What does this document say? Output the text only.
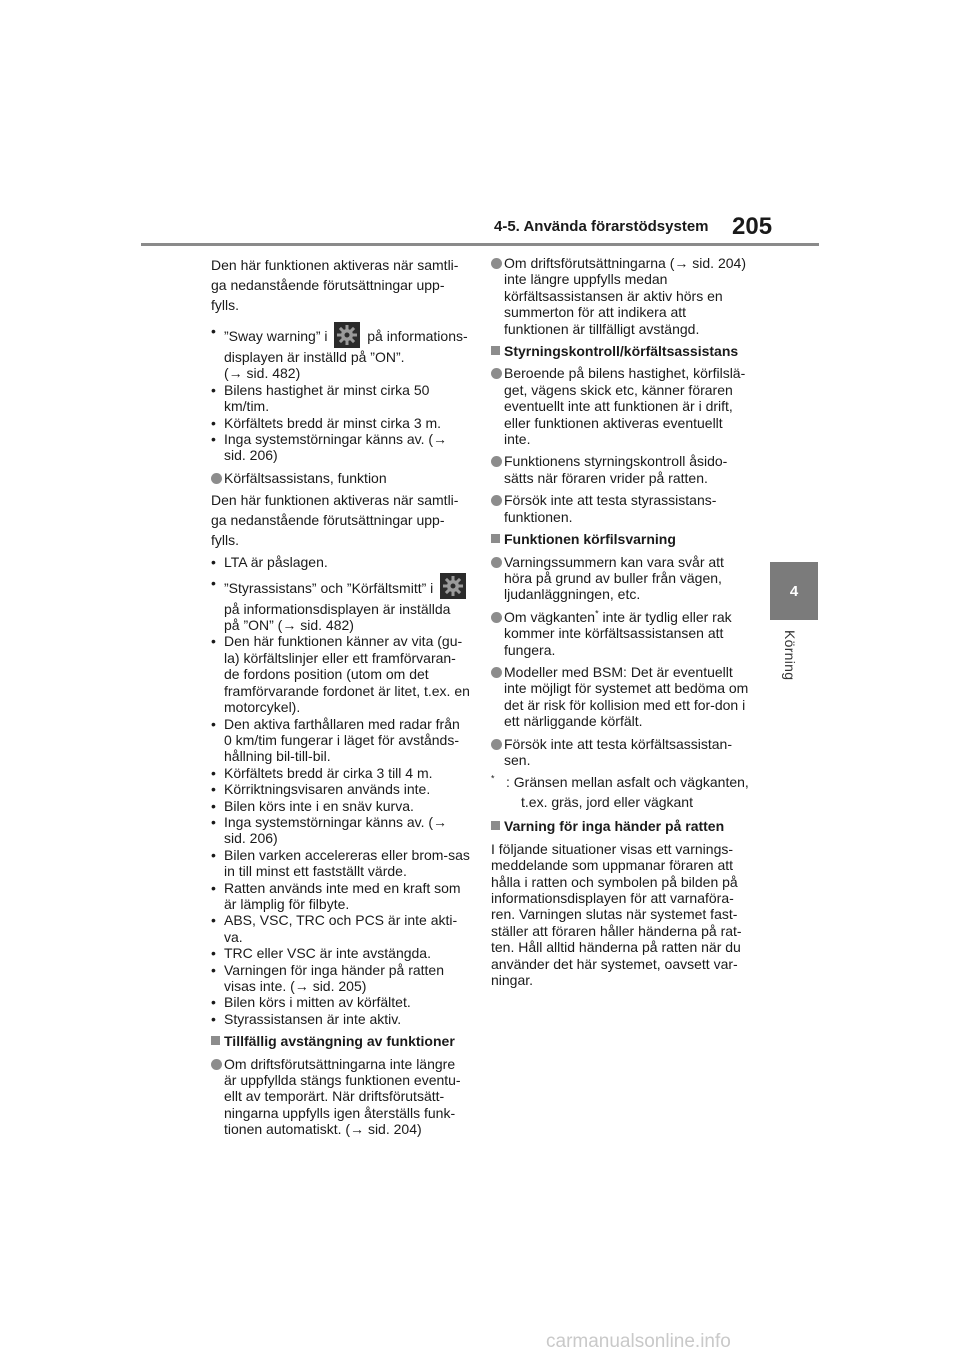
4-5. Använda förarstödsystem 205
4
Körning

Den här funktionen aktiveras när samtli-ga nedanstående förutsättningar upp-fylls.

• ”Sway warning” i	på informations-
displayen är inställd på ”ON”.
(→ sid. 482)
• Bilens hastighet är minst cirka 50 km/tim.
• Körfältets bredd är minst cirka 3 m.
• Inga systemstörningar känns av. (→ sid. 206)
Körfältsassistans, funktion

Den här funktionen aktiveras när samtli-ga nedanstående förutsättningar upp-fylls.

• LTA är påslagen.
• ”Styrassistans” och ”Körfältsmitt” i
på informationsdisplayen är inställda
på ”ON” (→ sid. 482)
• Den här funktionen känner av vita (gu-la) körfältslinjer eller ett framförvaran-de fordons position (utom om det framförvarande fordonet är litet, t.ex. en motorcykel).
• Den aktiva farthållaren med radar från 0 km/tim fungerar i läget för avstånds-hållning bil-till-bil.
• Körfältets bredd är cirka 3 till 4 m.
• Körriktningsvisaren används inte.
• Bilen körs inte i en snäv kurva.
• Inga systemstörningar känns av. (→ sid. 206)
• Bilen varken accelereras eller brom-sas in till minst ett fastställt värde.
• Ratten används inte med en kraft som är lämplig för filbyte.
• ABS, VSC, TRC och PCS är inte akti-va.
• TRC eller VSC är inte avstängda.
• Varningen för inga händer på ratten visas inte. (→ sid. 205)
• Bilen körs i mitten av körfältet.
• Styrassistansen är inte aktiv.
Tillfällig avstängning av funktioner
Om driftsförutsättningarna inte längre är uppfyllda stängs funktionen eventu-ellt av temporärt. När driftsförutsätt-ningarna uppfylls igen återställs funk-tionen automatiskt. (→ sid. 204)
Om driftsförutsättningarna (→ sid. 204) inte längre uppfylls medan körfältsassistansen är aktiv hörs en summerton för att indikera att funktionen är tillfälligt avstängd.
Styrningskontroll/körfältsassistans
Beroende på bilens hastighet, körfilslä-get, vägens skick etc, känner föraren eventuellt inte att funktionen är i drift, eller funktionen aktiveras eventuellt inte.
Funktionens styrningskontroll åsido-sätts när föraren vrider på ratten.
Försök inte att testa styrassistans-funktionen.
Funktionen körfilsvarning
Varningssummern kan vara svår att höra på grund av buller från vägen, ljudanläggningen, etc.
Om vägkanten* inte är tydlig eller rak kommer inte körfältsassistansen att fungera.
Modeller med BSM: Det är eventuellt inte möjligt för systemet att bedöma om det är risk för kollision med ett for-don i ett närliggande körfält.
Försök inte att testa körfältsassistan-sen.
* : Gränsen mellan asfalt och vägkanten,
t.ex. gräs, jord eller vägkant
Varning för inga händer på ratten

I följande situationer visas ett varnings-meddelande som uppmanar föraren att hålla i ratten och symbolen på bilden på informationsdisplayen för att varnaföra-ren. Varningen slutas när systemet fast-ställer att föraren håller händerna på rat-ten. Håll alltid händerna på ratten när du använder det här systemet, oavsett var-ningar.

carmanualsonline.info
